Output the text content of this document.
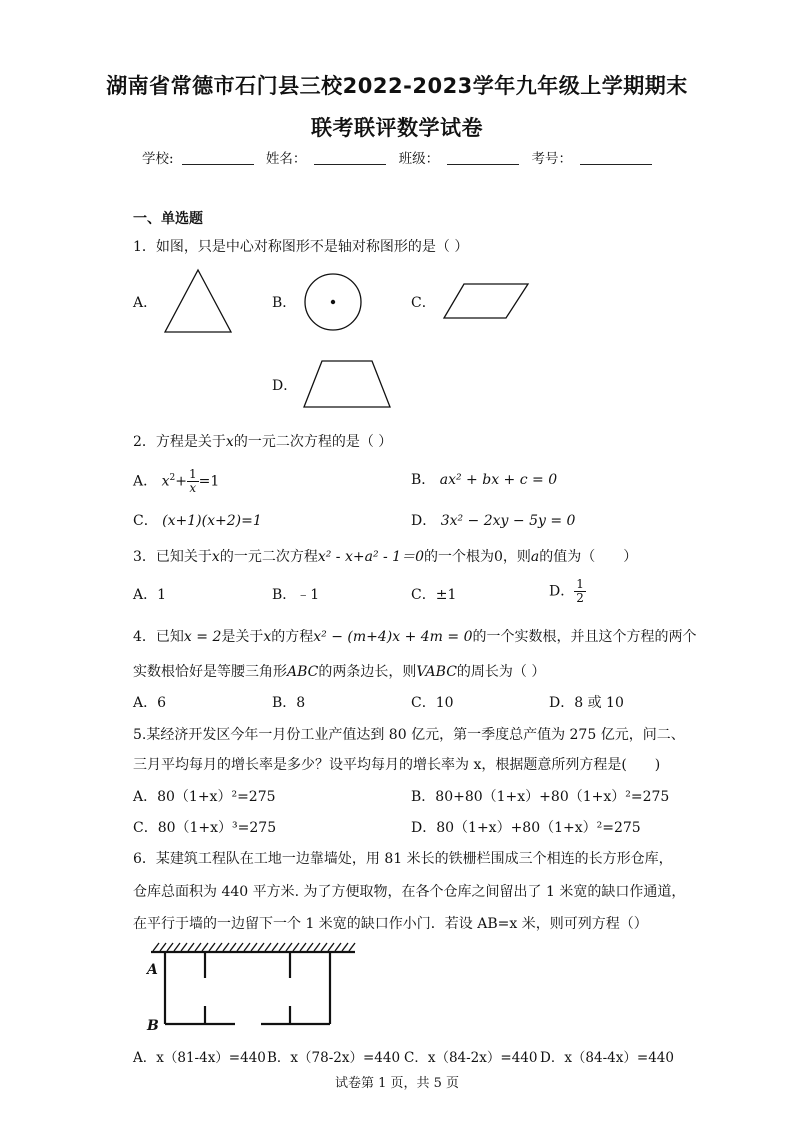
湖南省常德市石门县三校2022-2023学年九年级上学期期末
联考联评数学试卷
学校:	姓名：	班级：	考号：
一、单选题
1．如图，只是中心对称图形不是轴对称图形的是（ ）
A．	B．	C．
D．
2．方程是关于x的一元二次方程的是（ ）
A． $x^2+ \frac{1}{x} =1$	B． ax² + bx + c = 0
C． (x+1)(x+2)=1	D． 3x² − 2xy − 5y = 0
3．已知关于x的一元二次方程x² - x+a² - 1＝0的一个根为0，则a的值为（　　）
A．1	B．﹣1	C．±1	D． $\frac{1}{2}$
4．已知x = 2是关于x的方程x² − (m+4)x + 4m = 0的一个实数根，并且这个方程的两个
实数根恰好是等腰三角形ABC的两条边长，则VABC的周长为（ ）
A．6	B．8	C．10	D．8 或 10
5.某经济开发区今年一月份工业产值达到 80 亿元，第一季度总产值为 275 亿元，问二、
三月平均每月的增长率是多少？设平均每月的增长率为 x，根据题意所列方程是(　　)
A．80（1+x）²=275	B．80+80（1+x）+80（1+x）²=275
C．80（1+x）³=275	D．80（1+x）+80（1+x）²=275
6．某建筑工程队在工地一边靠墙处，用 81 米长的铁栅栏围成三个相连的长方形仓库，
仓库总面积为 440 平方米. 为了方便取物，在各个仓库之间留出了 1 米宽的缺口作通道，
在平行于墙的一边留下一个 1 米宽的缺口作小门．若设 AB=x 米，则可列方程（）
A
B
A．x（81-4x）=440 B．x（78-2x）=440 C．x（84-2x）=440 D．x（84-4x）=440
试卷第 1 页，共 5 页
